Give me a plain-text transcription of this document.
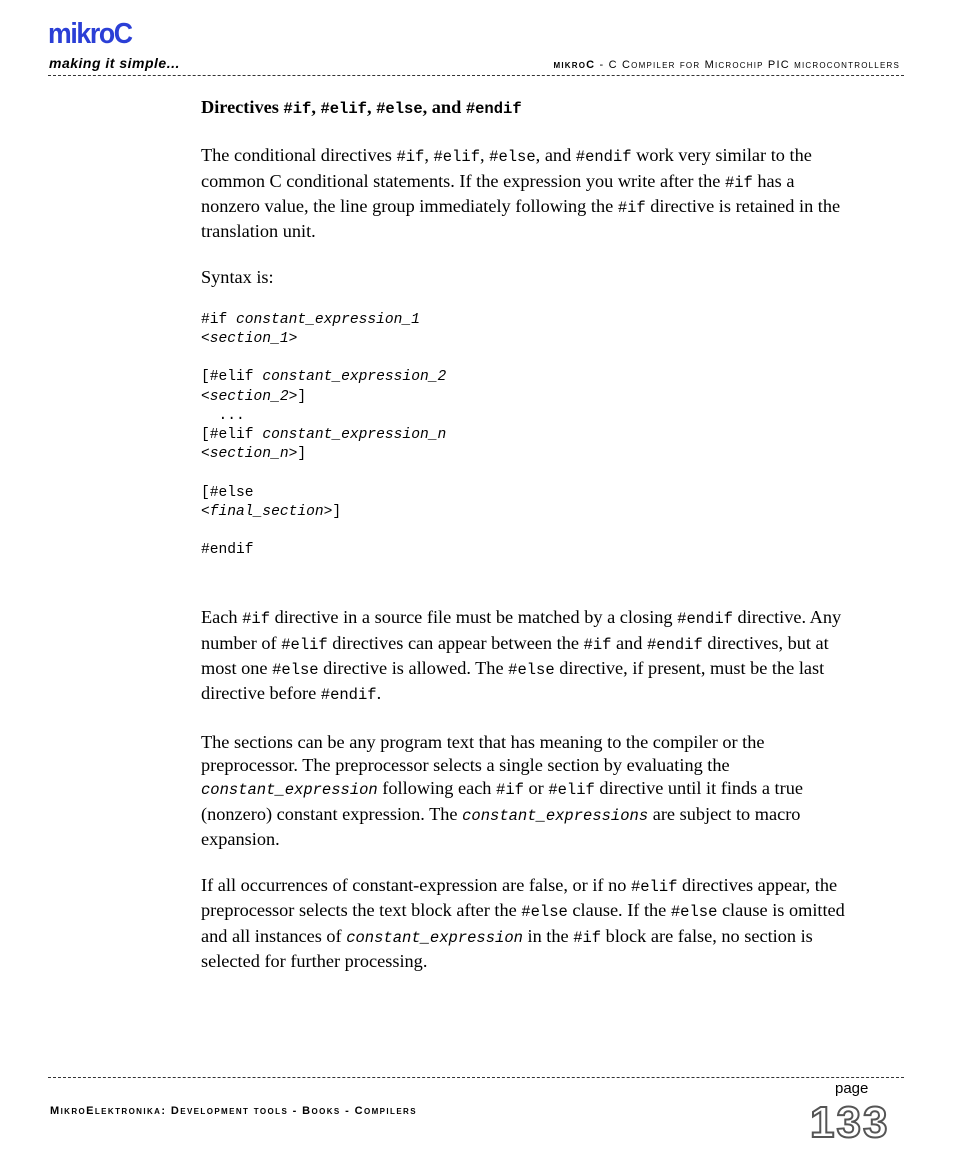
mikroC
making it simple...	mikroC - C Compiler for Microchip PIC microcontrollers

Directives #if, #elif, #else, and #endif

The conditional directives #if, #elif, #else, and #endif work very similar to the common C conditional statements. If the expression you write after the #if has a nonzero value, the line group immediately following the #if directive is retained in the translation unit.

Syntax is:

#if constant_expression_1
<section_1>

[#elif constant_expression_2
<section_2>]
...
[#elif constant_expression_n
<section_n>]

[#else
<final_section>]

#endif

Each #if directive in a source file must be matched by a closing #endif directive. Any number of #elif directives can appear between the #if and #endif directives, but at most one #else directive is allowed. The #else directive, if present, must be the last directive before #endif.

The sections can be any program text that has meaning to the compiler or the preprocessor. The preprocessor selects a single section by evaluating the constant_expression following each #if or #elif directive until it finds a true (nonzero) constant expression. The constant_expressions are subject to macro expansion.

If all occurrences of constant-expression are false, or if no #elif directives appear, the preprocessor selects the text block after the #else clause. If the #else clause is omitted and all instances of constant_expression in the #if block are false, no section is selected for further processing.

MikroElektronika: Development tools - Books - Compilers
page
133
